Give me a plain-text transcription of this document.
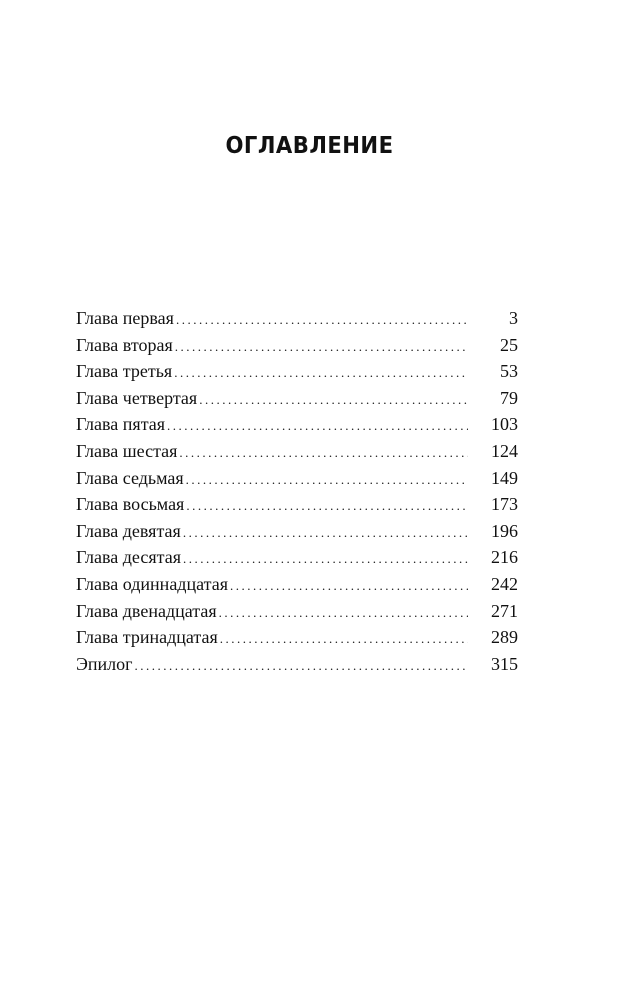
ОГЛАВЛЕНИЕ
Глава первая .....	3
Глава вторая .....	25
Глава третья .....	53
Глава четвертая .....	79
Глава пятая .....	103
Глава шестая .....	124
Глава седьмая .....	149
Глава восьмая .....	173
Глава девятая .....	196
Глава десятая .....	216
Глава одиннадцатая .....	242
Глава двенадцатая .....	271
Глава тринадцатая .....	289
Эпилог .....	315
